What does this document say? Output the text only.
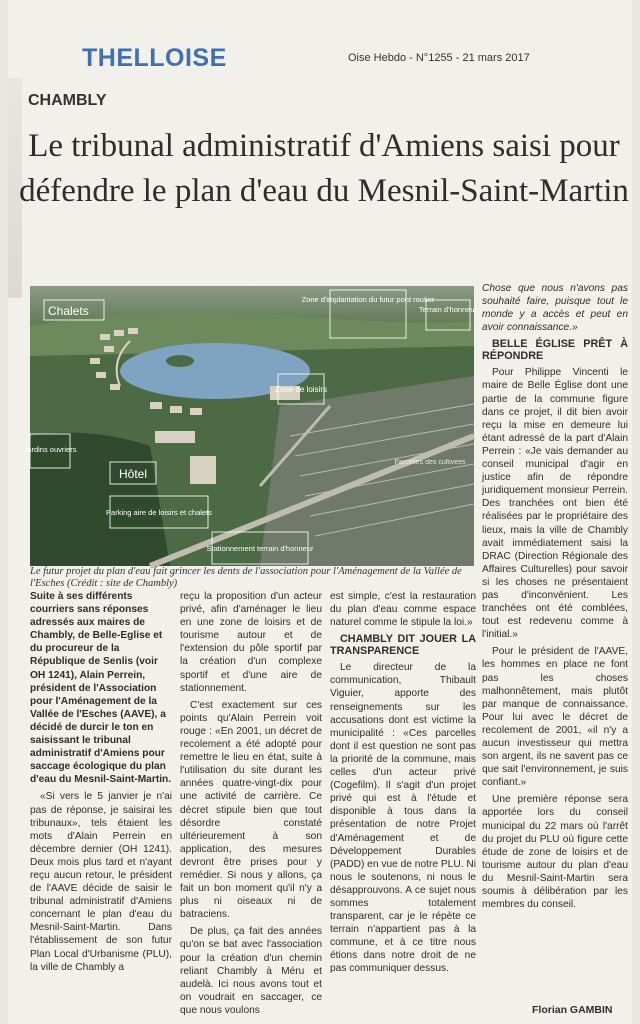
THELLOISE	Oise Hebdo - N°1255 - 21 mars 2017
CHAMBLY
Le tribunal administratif d'Amiens saisi pour défendre le plan d'eau du Mesnil-Saint-Martin
Chalets
Zone d'implantation du futur pont routier
Terrain d'honneur
Zone de loisirs
Jardins ouvriers
Hôtel
Parking aire de loisirs et chalets
Stationnement terrain d'honneur
Parcelles des cultivées
Le futur projet du plan d'eau fait grincer les dents de l'association pour l'Aménagement de la Vallée de l'Esches (Crédit : site de Chambly)

Suite à ses différents courriers sans réponses adressés aux maires de Chambly, de Belle-Eglise et du procureur de la République de Senlis (voir OH 1241), Alain Perrein, président de l'Association pour l'Aménagement de la Vallée de l'Esches (AAVE), a décidé de durcir le ton en saisissant le tribunal administratif d'Amiens pour saccage écologique du plan d'eau du Mesnil-Saint-Martin.

«Si vers le 5 janvier je n'ai pas de réponse, je saisirai les tribunaux», tels étaient les mots d'Alain Perrein en décembre dernier (OH 1241). Deux mois plus tard et n'ayant reçu aucun retour, le président de l'AAVE décide de saisir le tribunal administratif d'Amiens concernant le plan d'eau du Mesnil-Saint-Martin. Dans l'établissement de son futur Plan Local d'Urbanisme (PLU), la ville de Chambly a

reçu la proposition d'un acteur privé, afin d'aménager le lieu en une zone de loisirs et de tourisme autour et de l'extension du pôle sportif par la création d'un complexe sportif et d'une aire de stationnement.

C'est exactement sur ces points qu'Alain Perrein voit rouge : «En 2001, un décret de recolement a été adopté pour remettre le lieu en état, suite à l'utilisation du site durant les années quatre-vingt-dix pour une activité de carrière. Ce décret stipule bien que tout désordre constaté ultérieurement à son application, des mesures devront être prises pour y remédier. Si nous y allons, ça fait un bon moment qu'il n'y a plus ni oiseaux ni de batraciens.

De plus, ça fait des années qu'on se bat avec l'association pour la création d'un chemin reliant Chambly à Méru et audelà. Ici nous avons tout et on voudrait en saccager, ce que nous voulons

est simple, c'est la restauration du plan d'eau comme espace naturel comme le stipule la loi.»

CHAMBLY DIT JOUER LA TRANSPARENCE

Le directeur de la communication, Thibault Viguier, apporte des renseignements sur les accusations dont est victime la municipalité : «Ces parcelles dont il est question ne sont pas la priorité de la commune, mais celles d'un acteur privé (Cogefilm). Il s'agit d'un projet privé qui est à l'étude et disponible à tous dans la présentation de notre Projet d'Aménagement et de Développement Durables (PADD) en vue de notre PLU. Ni nous le soutenons, ni nous le désapprouvons. A ce sujet nous sommes totalement transparent, car je le répète ce terrain n'appartient pas à la commune, et à ce titre nous étions dans notre droit de ne pas communiquer dessus.

Chose que nous n'avons pas souhaité faire, puisque tout le monde y a accès et peut en avoir connaissance.»

BELLE ÉGLISE PRÊT À RÉPONDRE

Pour Philippe Vincenti le maire de Belle Église dont une partie de la commune figure dans ce projet, il dit bien avoir reçu la mise en demeure lui étant adressé de la part d'Alain Perrein : «Je vais demander au conseil municipal d'agir en justice afin de répondre juridiquement monsieur Perrein. Des tranchées ont bien été réalisées par le propriétaire des lieux, mais la ville de Chambly avait immédiatement saisi la DRAC (Direction Régionale des Affaires Culturelles) pour savoir si les choses ne présentaient pas d'inconvénient. Les tranchées ont été comblées, tout est redevenu comme à l'initial.»

Pour le président de l'AAVE, les hommes en place ne font pas les choses malhonnêtement, mais plutôt par manque de connaissance. Pour lui avec le décret de recolement de 2001, «il n'y a aucun investisseur qui mettra son argent, ils ne savent pas ce que sait l'environnement, je suis confiant.»

Une première réponse sera apportée lors du conseil municipal du 22 mars où l'arrêt du projet du PLU où figure cette étude de zone de loisirs et de tourisme autour du plan d'eau du Mesnil-Saint-Martin sera soumis à délibération par les membres du conseil.

Florian GAMBIN
